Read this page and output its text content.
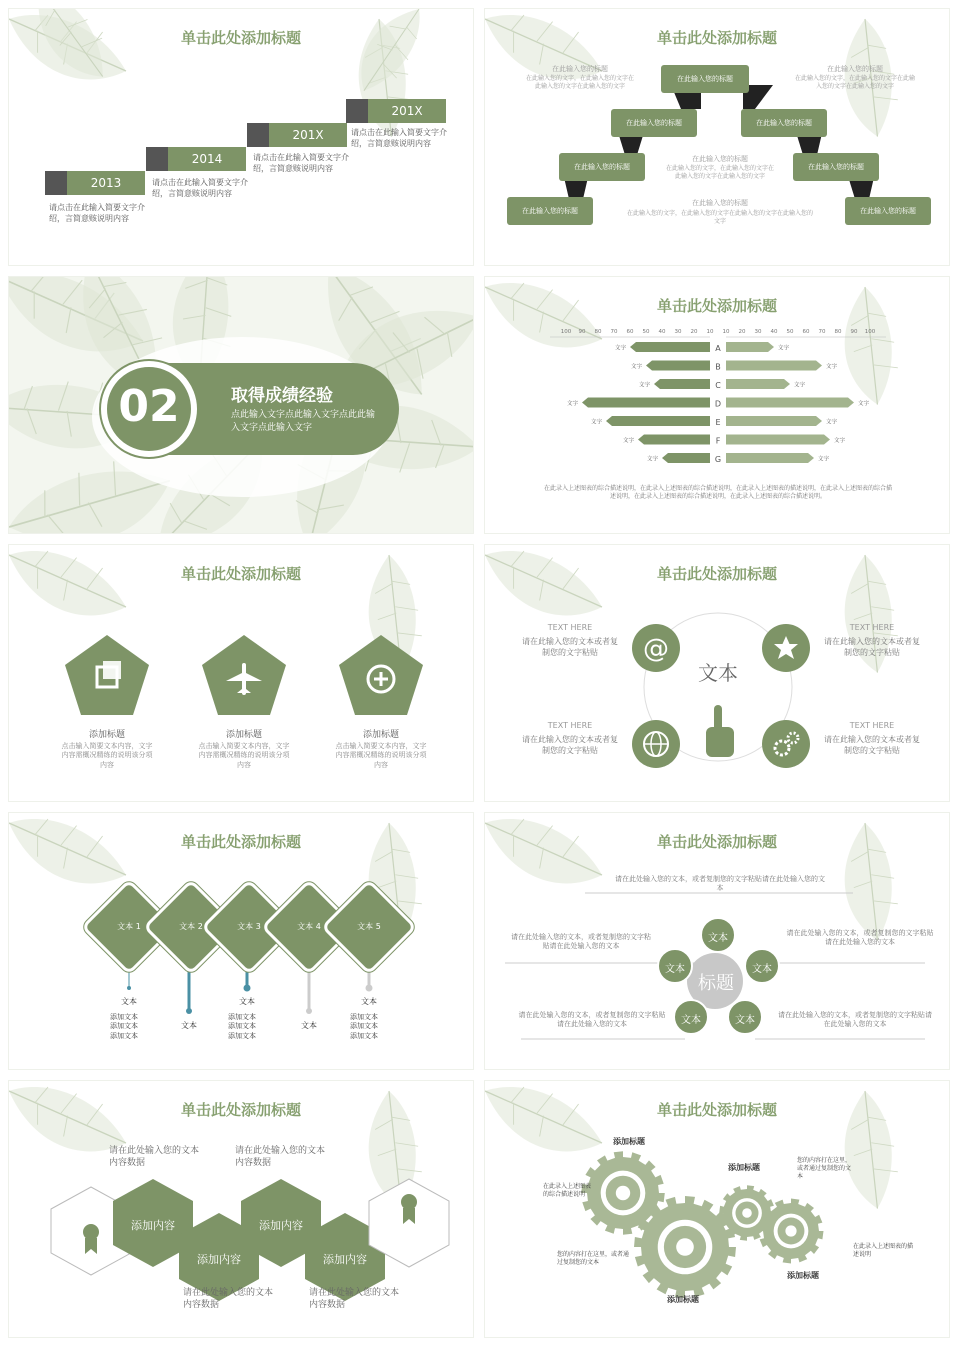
单击此处添加标题
2013
请点击在此输入简要文字介绍，言简意赅说明内容
2014
请点击在此输入简要文字介绍，言简意赅说明内容
201X
请点击在此输入简要文字介绍，言简意赅说明内容
201X
请点击在此输入简要文字介绍，言简意赅说明内容
单击此处添加标题
在此输入您的标题
在此输入您的标题	在此输入您的标题
在此输入您的标题	在此输入您的标题
在此输入您的标题	在此输入您的标题
在此输入您的标题
在此输入您的文字，在此输入您的文字在此输入您的文字在此输入您的文字
在此输入您的标题
在此输入您的文字，在此输入您的文字在此输入您的文字在此输入您的文字
在此输入您的标题
在此输入您的文字，在此输入您的文字在此输入您的文字在此输入您的文字
在此输入您的标题
在此输入您的文字，在此输入您的文字在此输入您的文字在此输入您的文字
02	取得成绩经验
点此输入文字点此输入文字点此此输入文字点此输入文字
单击此处添加标题
100	100
90	90
80	80
70	70
60	60
50	50
40	40
30	30
20	20
10 10
A
文字	文字
B
文字	文字
C
文字	文字
D
文字	文字
E
文字	文字
F
文字	文字
G
文字	文字
在此录入上述图表的综合描述说明，在此录入上述图表的综合描述说明，在此录入上述图表的描述说明，在此录入上述图表的综合描述说明，在此录入上述图表的综合描述说明，在此录入上述图表的综合描述说明。
单击此处添加标题
添加标题
点击输入简要文本内容，文字内容需概况精练的说明该分项内容
添加标题
点击输入简要文本内容，文字内容需概况精练的说明该分项内容
添加标题
点击输入简要文本内容，文字内容需概况精练的说明该分项内容
单击此处添加标题
@
文本
TEXT HERE
请在此输入您的文本或者复制您的文字粘贴
TEXT HERE
请在此输入您的文本或者复制您的文字粘贴
TEXT HERE
请在此输入您的文本或者复制您的文字粘贴
TEXT HERE
请在此输入您的文本或者复制您的文字粘贴
单击此处添加标题
文本 1	文本 2	文本 3	文本 4	文本 5
文本
添加文本
添加文本
添加文本
文本
文本
添加文本
添加文本
添加文本
文本
文本
添加文本
添加文本
添加文本
单击此处添加标题
标题
文本
文本	文本
文本	文本
请在此处输入您的文本，或者复制您的文字粘贴请在此处输入您的文本
请在此处输入您的文本，或者复制您的文字粘贴请在此处输入您的文本
请在此处输入您的文本，或者复制您的文字粘贴请在此处输入您的文本
请在此处输入您的文本，或者复制您的文字粘贴请在此处输入您的文本
请在此处输入您的文本，或者复制您的文字粘贴请在此处输入您的文本
单击此处添加标题
添加内容
添加内容
添加内容
添加内容
请在此处输入您的文本内容数据
请在此处输入您的文本内容数据
请在此处输入您的文本内容数据
请在此处输入您的文本内容数据
单击此处添加标题
添加标题
添加标题
添加标题
添加标题
在此录入上述图表的综合描述说明
您的内容打在这里，或者通过复制您的文本
在此录入上述图表的描述说明
您的内容打在这里，或者通过复制您的文本
